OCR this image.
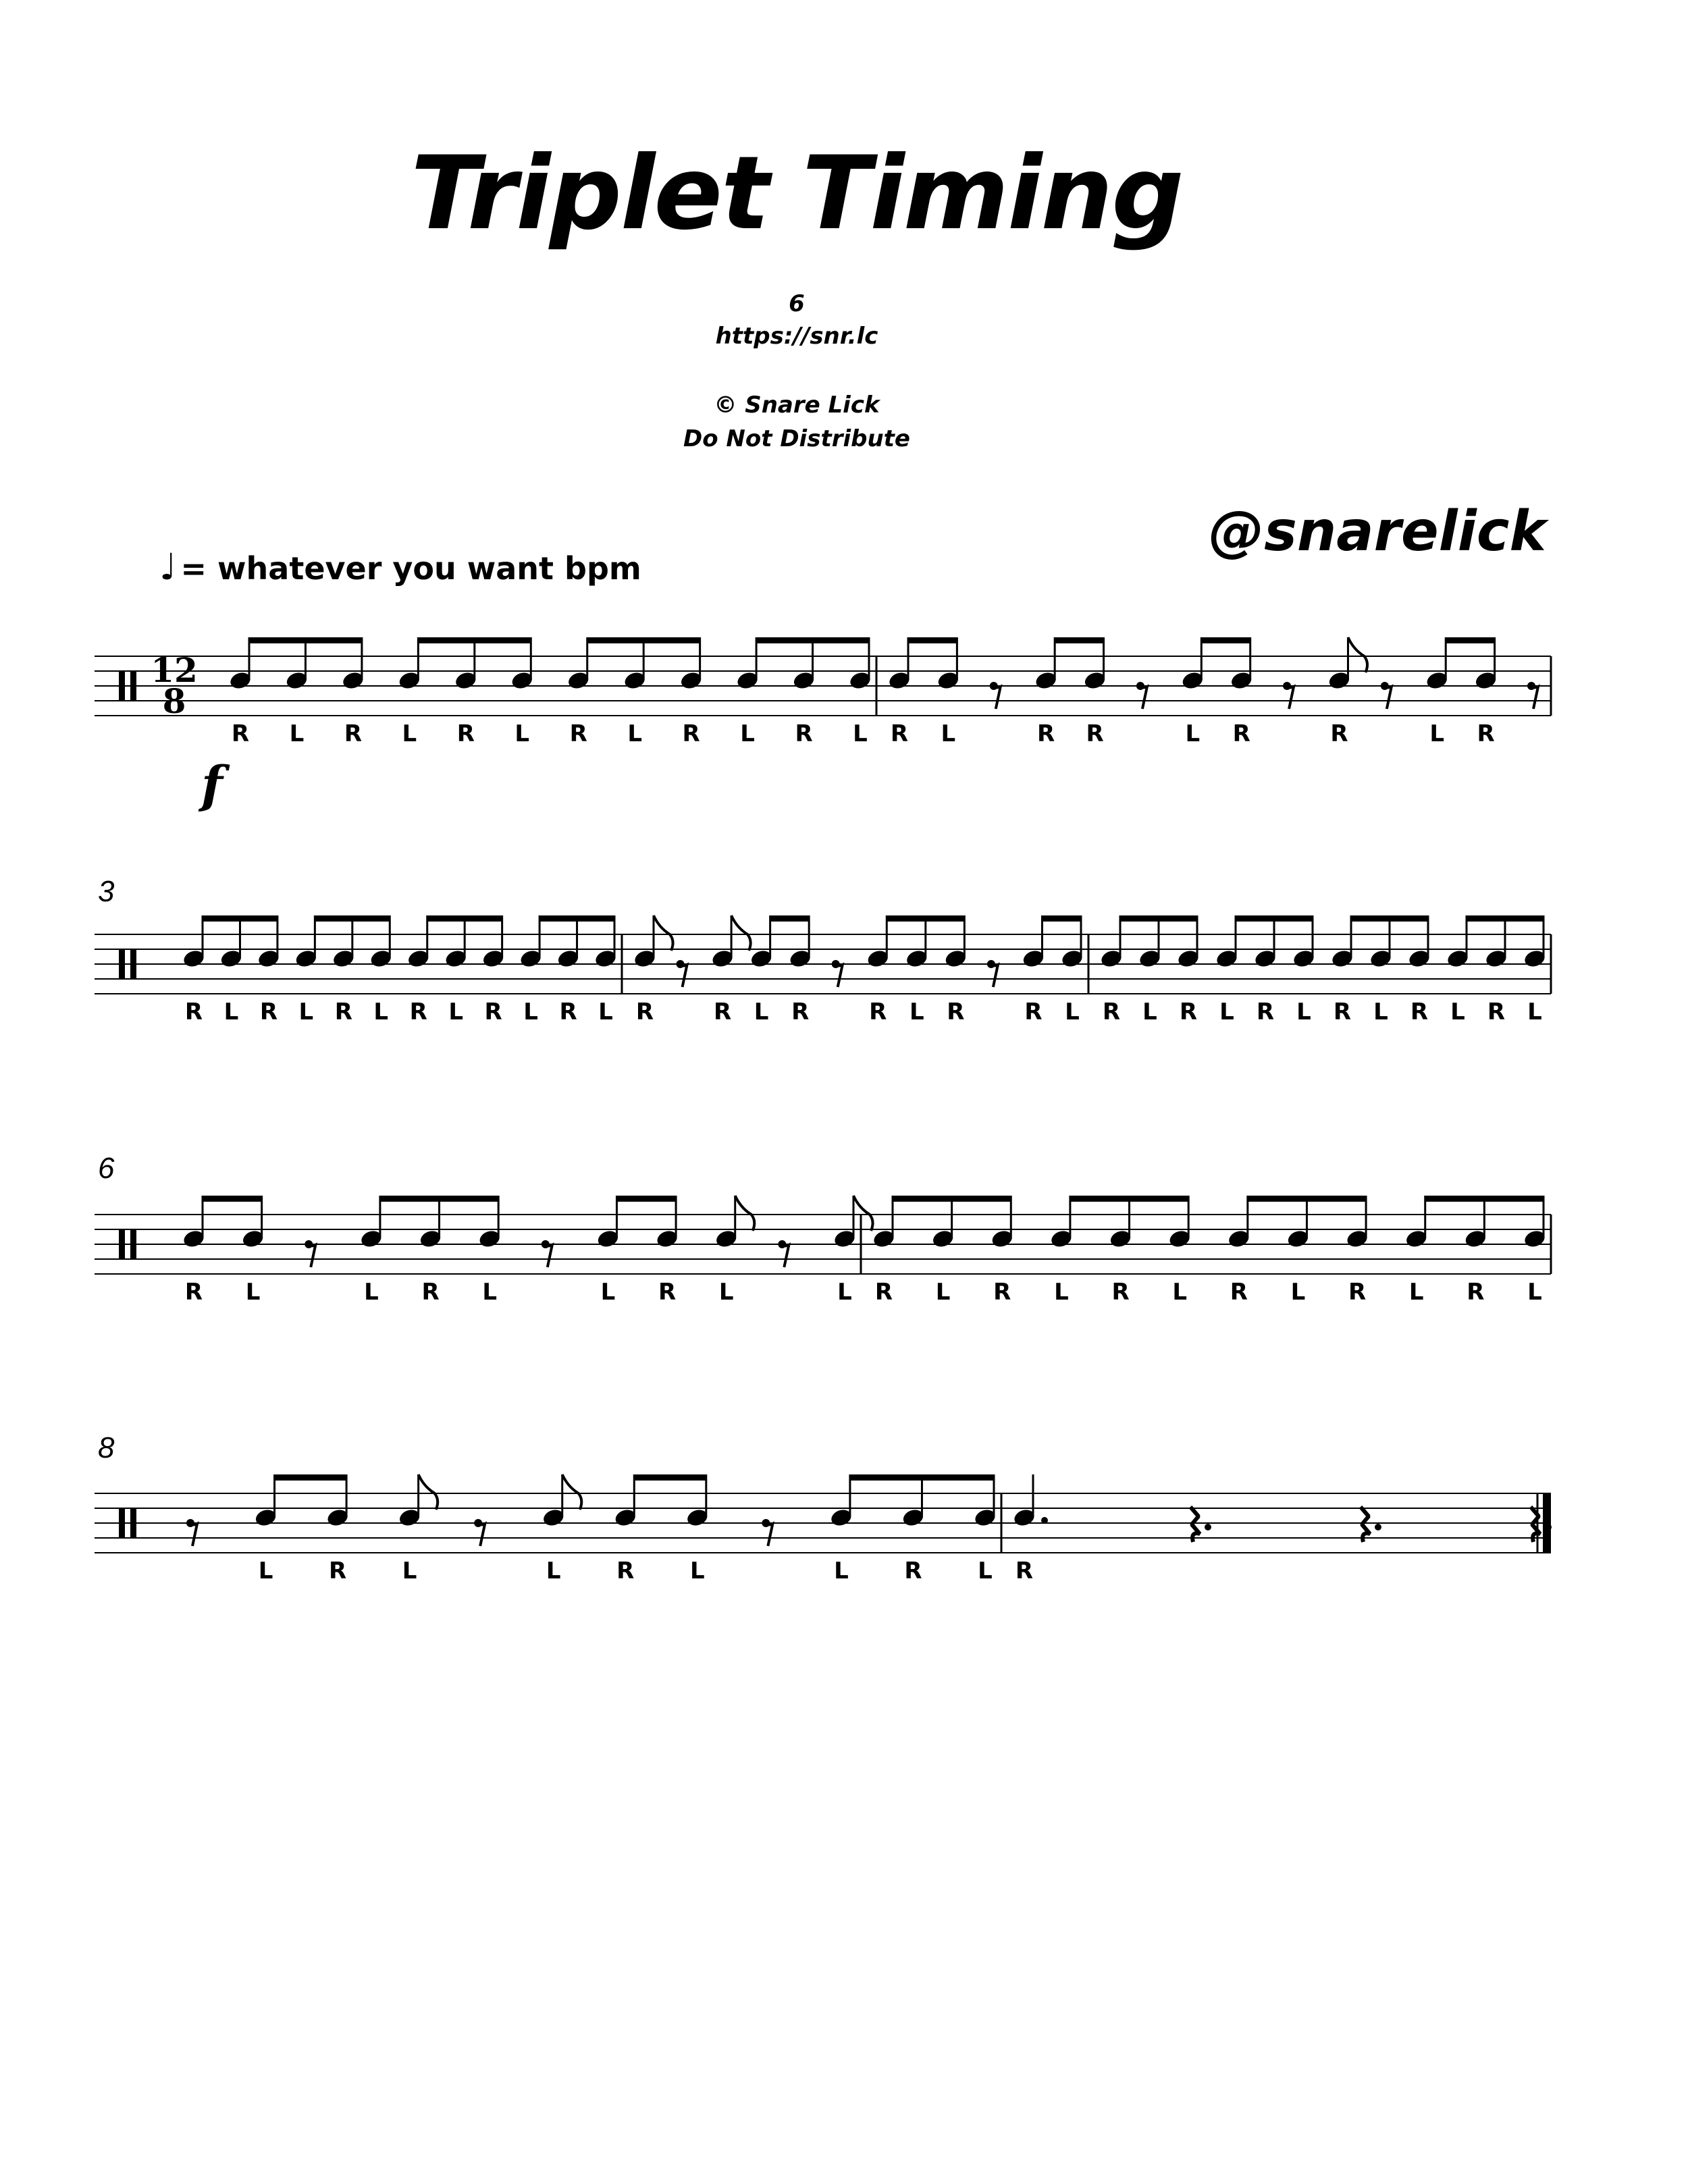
Triplet Timing
6
https://snr.lc
© Snare Lick
Do Not Distribute
@snarelick
♩ = whatever you want bpm
f
3
6
8
12
8
R L R L R L R L R L R L R L	R R	L R	R	L R
R L R L R L R L R L R L R	R L R	R L R	R L R L R L R L R L R L R L
R L	L R L	L R L	L R L R L R L R L R L R L
L R L	L R L	L R L R
